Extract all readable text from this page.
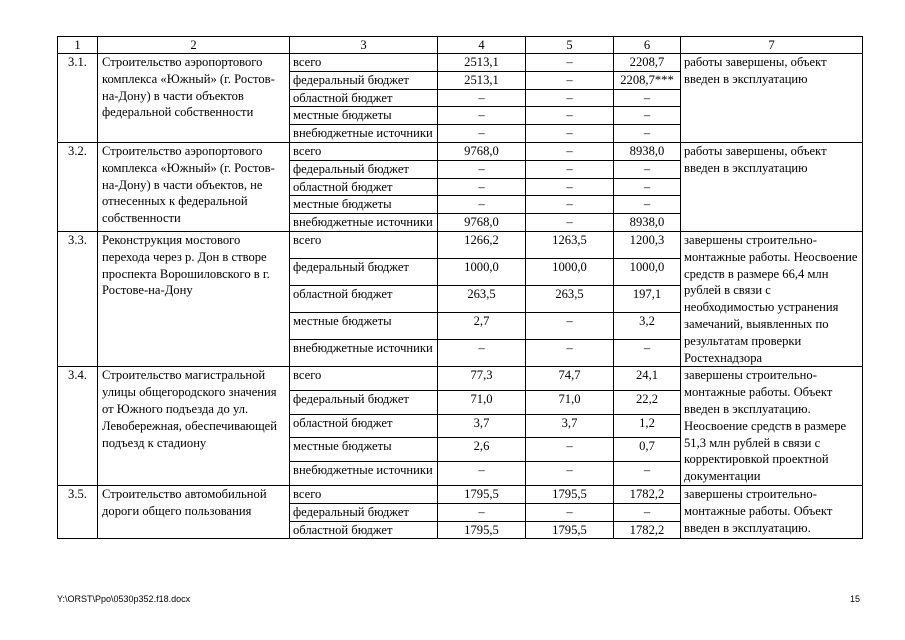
1	2	3	4	5	6	7
3.1.	Строительство аэропортового комплекса «Южный» (г. Ростов-на-Дону) в части объектов федеральной собственности	всего	2513,1	–	2208,7	работы завершены, объект введен в эксплуатацию
		федеральный бюджет	2513,1	–	2208,7***	
		областной бюджет	–	–	–	
		местные бюджеты	–	–	–	
		внебюджетные источники	–	–	–	
3.2.	Строительство аэропортового комплекса «Южный» (г. Ростов-на-Дону) в части объектов, не отнесенных к федеральной собственности	всего	9768,0	–	8938,0	работы завершены, объект введен в эксплуатацию
		федеральный бюджет	–	–	–	
		областной бюджет	–	–	–	
		местные бюджеты	–	–	–	
		внебюджетные источники	9768,0	–	8938,0	
3.3.	Реконструкция мостового перехода через р. Дон в створе проспекта Ворошиловского в г. Ростове-на-Дону	всего	1266,2	1263,5	1200,3	завершены строительно-монтажные работы. Неосвоение средств в размере 66,4 млн рублей в связи с необходимостью устранения замечаний, выявленных по результатам проверки Ростехнадзора
		федеральный бюджет	1000,0	1000,0	1000,0	
		областной бюджет	263,5	263,5	197,1	
		местные бюджеты	2,7	–	3,2	
		внебюджетные источники	–	–	–	
3.4.	Строительство магистральной улицы общегородского значения от Южного подъезда до ул. Левобережная, обеспечивающей подъезд к стадиону	всего	77,3	74,7	24,1	завершены строительно-монтажные работы. Объект введен в эксплуатацию. Неосвоение средств в размере 51,3 млн рублей в связи с корректировкой проектной документации
		федеральный бюджет	71,0	71,0	22,2	
		областной бюджет	3,7	3,7	1,2	
		местные бюджеты	2,6	–	0,7	
		внебюджетные источники	–	–	–	
3.5.	Строительство автомобильной дороги общего пользования	всего	1795,5	1795,5	1782,2	завершены строительно-монтажные работы. Объект введен в эксплуатацию.
		федеральный бюджет	–	–	–	
		областной бюджет	1795,5	1795,5	1782,2	
Y:\ORST\Ppo\0530p352.f18.docx	15
